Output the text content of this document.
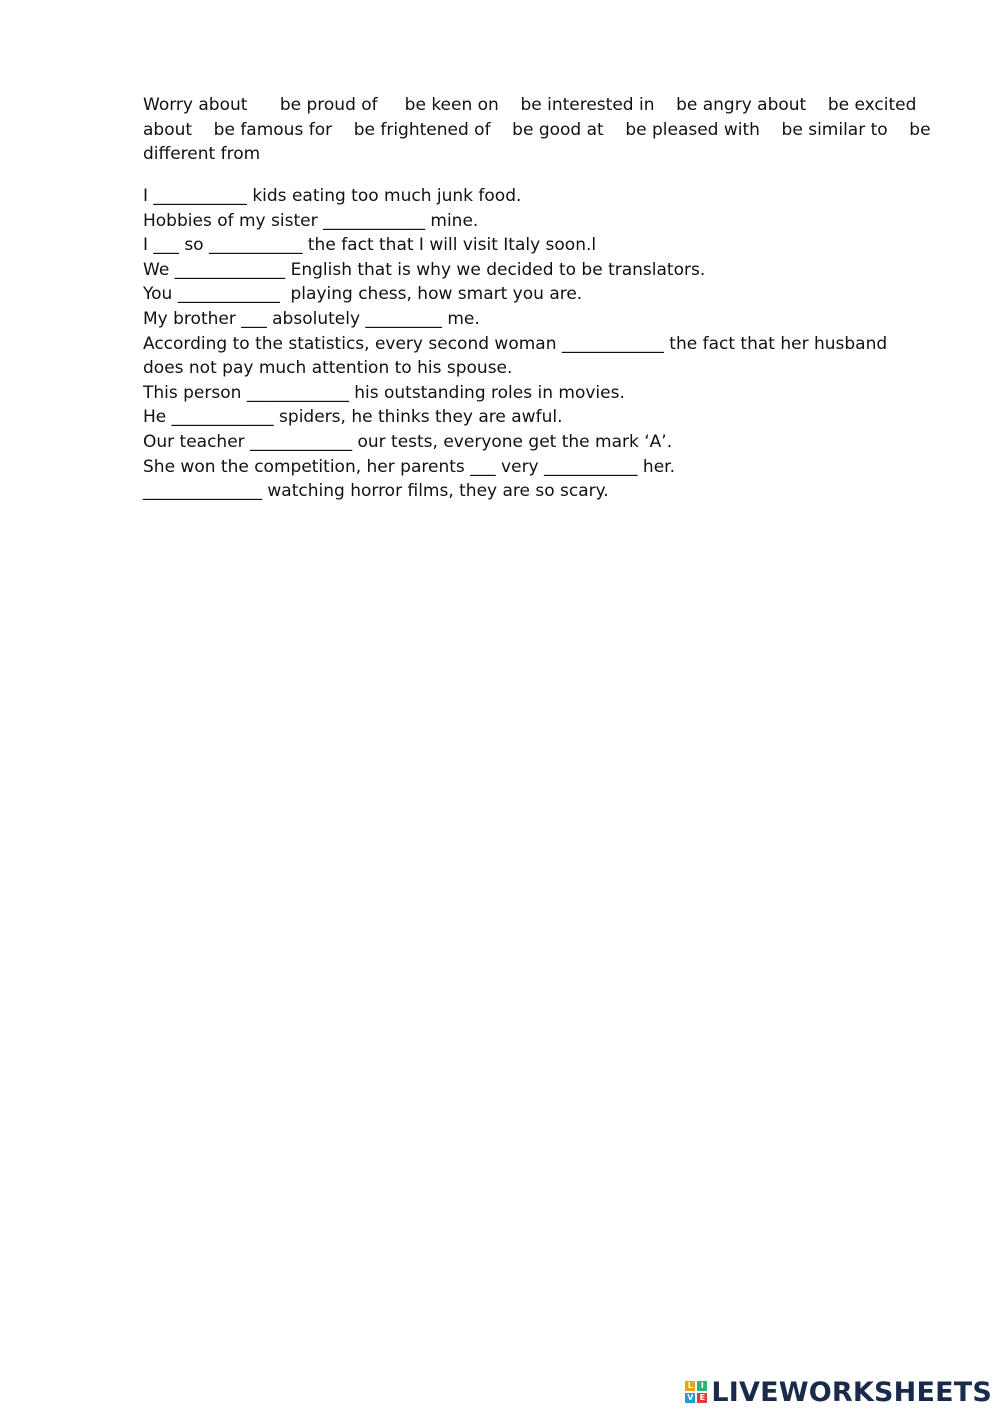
Worry about      be proud of     be keen on    be interested in    be angry about    be excited about    be famous for    be frightened of    be good at    be pleased with    be similar to    be different from

I ___________ kids eating too much junk food.

Hobbies of my sister ____________ mine.

I ___ so ___________ the fact that I will visit Italy soon.l

We _____________ English that is why we decided to be translators.

You ____________  playing chess, how smart you are.

My brother ___ absolutely _________ me.

According to the statistics, every second woman ____________ the fact that her husband does not pay much attention to his spouse.

This person ____________ his outstanding roles in movies.

He ____________ spiders, he thinks they are awful.

Our teacher ____________ our tests, everyone get the mark ‘A’.

She won the competition, her parents ___ very ___________ her.

______________ watching horror films, they are so scary.

L I
V E LIVEWORKSHEETS
